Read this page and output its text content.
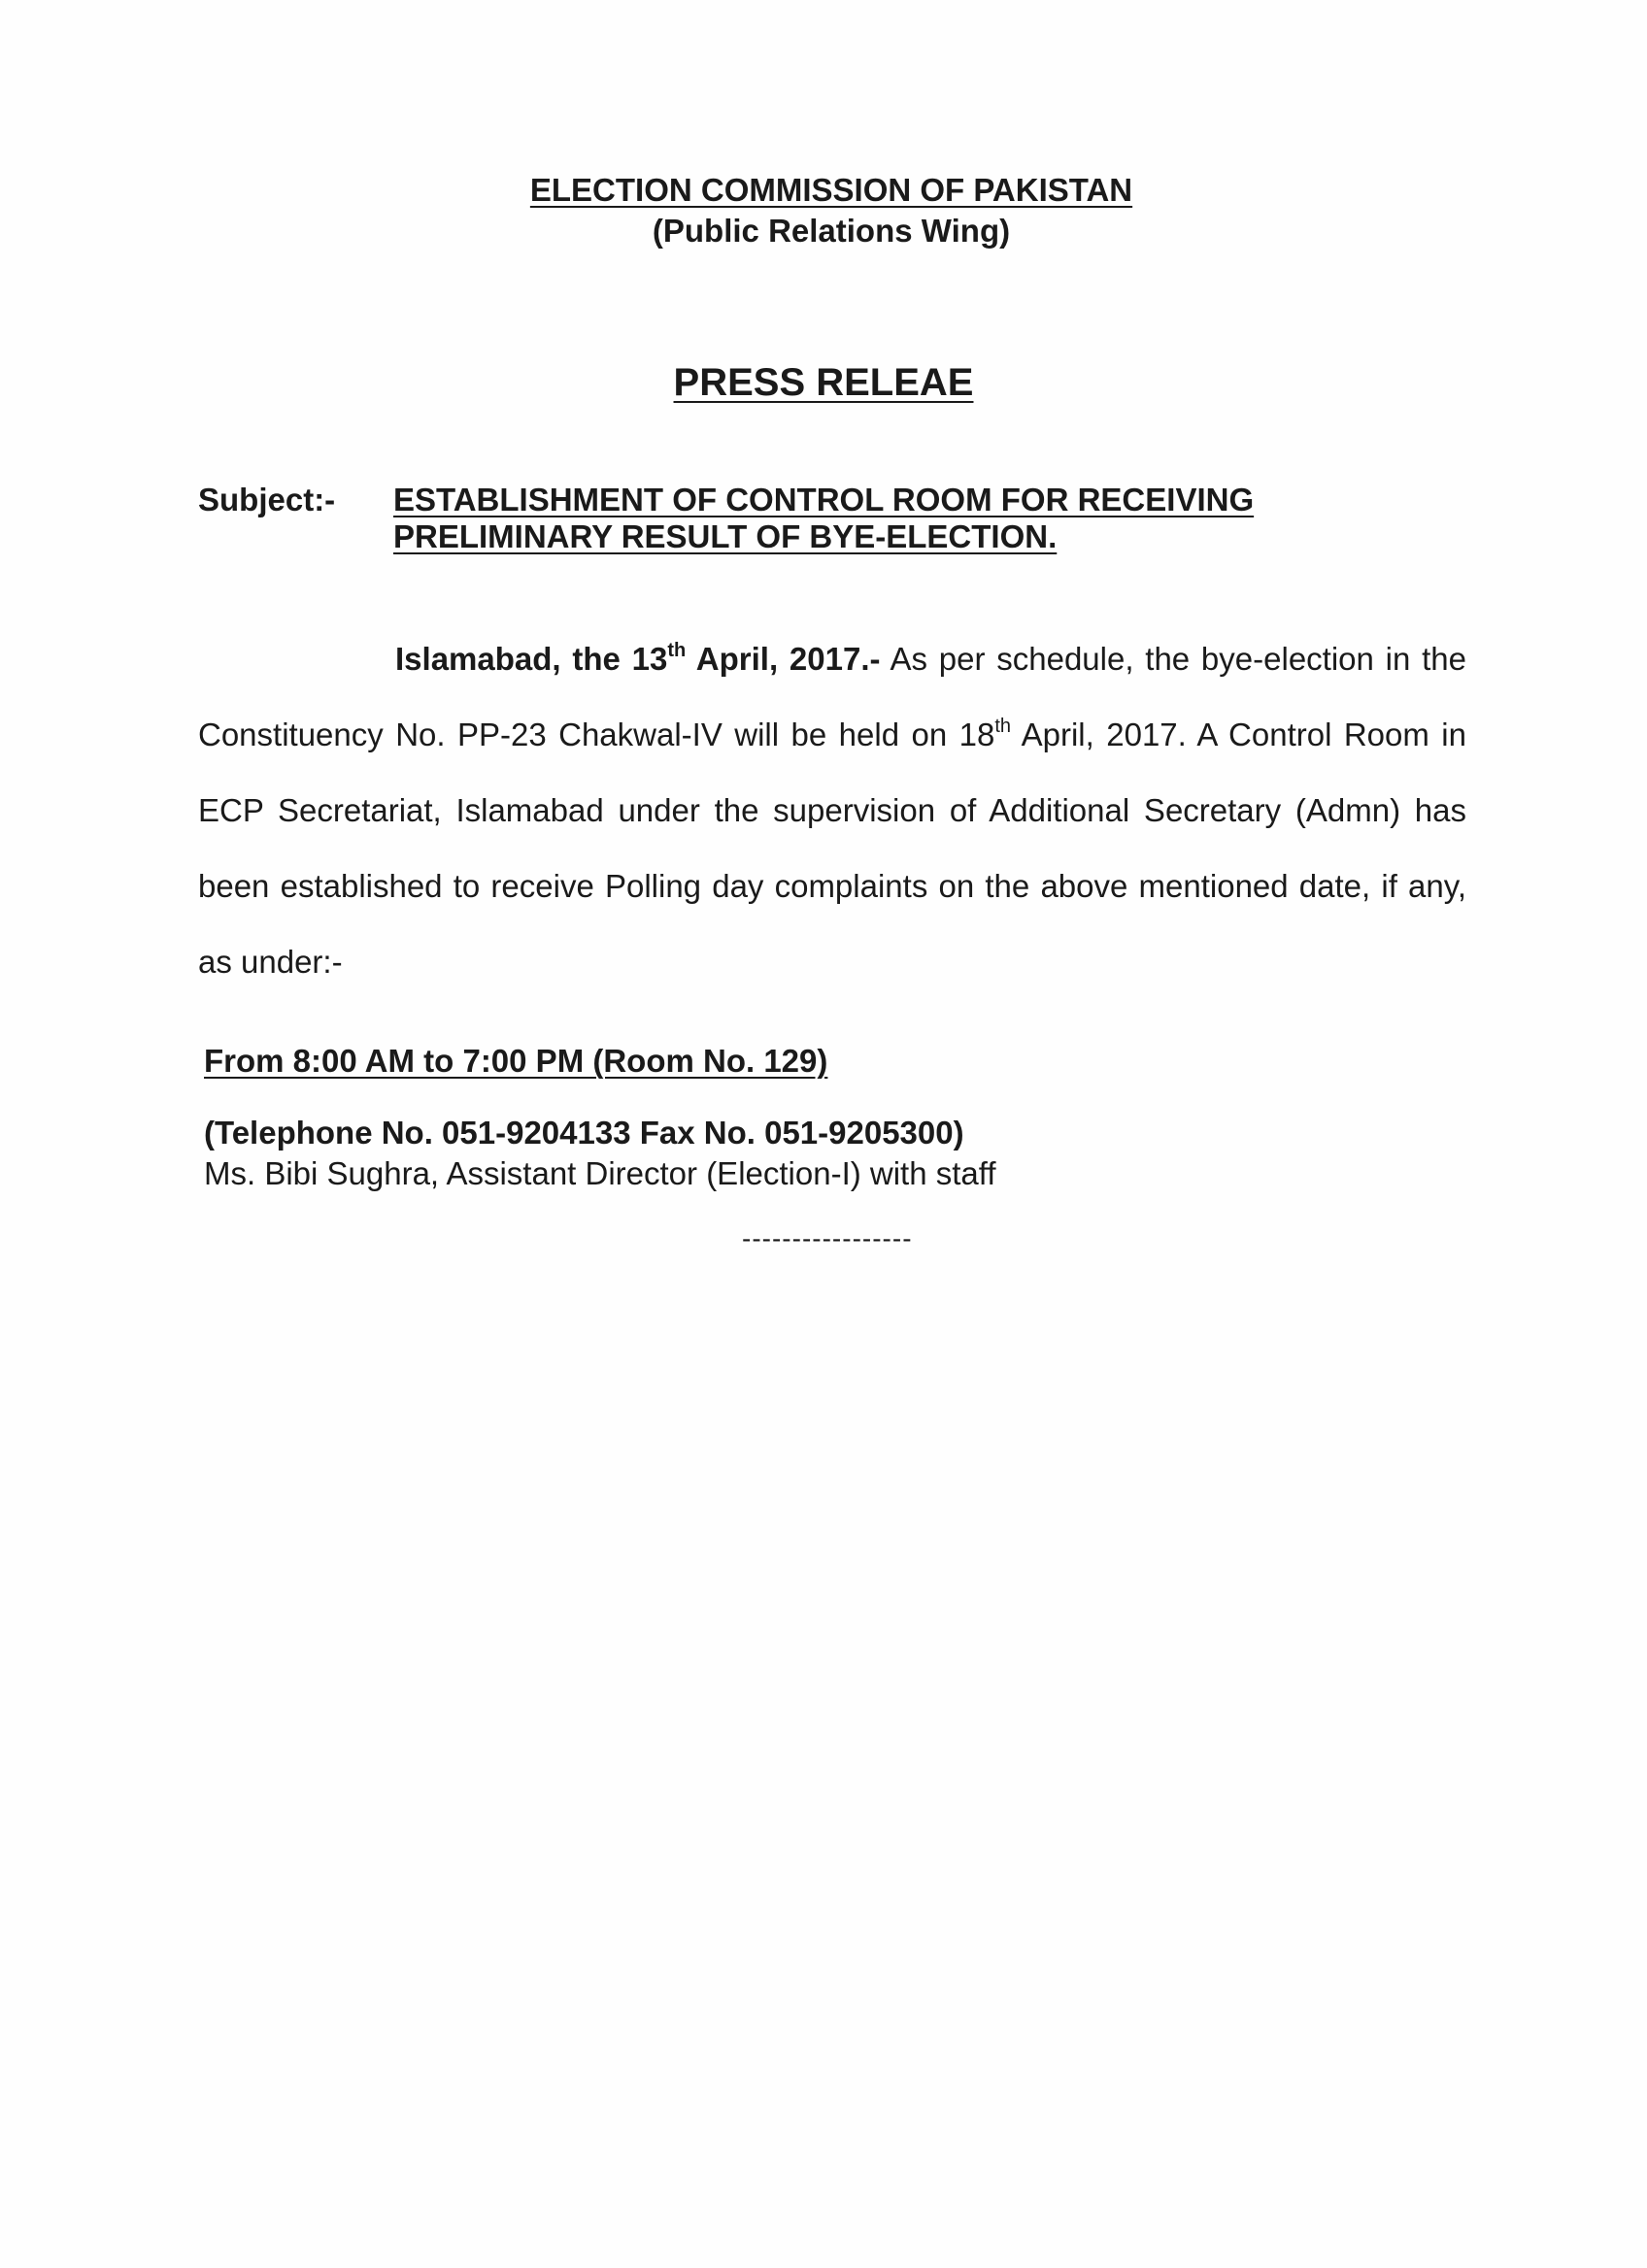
ELECTION COMMISSION OF PAKISTAN
(Public Relations Wing)
PRESS RELEAE
Subject:- ESTABLISHMENT OF CONTROL ROOM FOR RECEIVING PRELIMINARY RESULT OF BYE-ELECTION.
Islamabad, the 13th April, 2017.- As per schedule, the bye-election in the Constituency No. PP-23 Chakwal-IV will be held on 18th April, 2017. A Control Room in ECP Secretariat, Islamabad under the supervision of Additional Secretary (Admn) has been established to receive Polling day complaints on the above mentioned date, if any, as under:-
From 8:00 AM to 7:00 PM (Room No. 129)
(Telephone No. 051-9204133 Fax No. 051-9205300)
Ms. Bibi Sughra, Assistant Director (Election-I) with staff
-----------------
